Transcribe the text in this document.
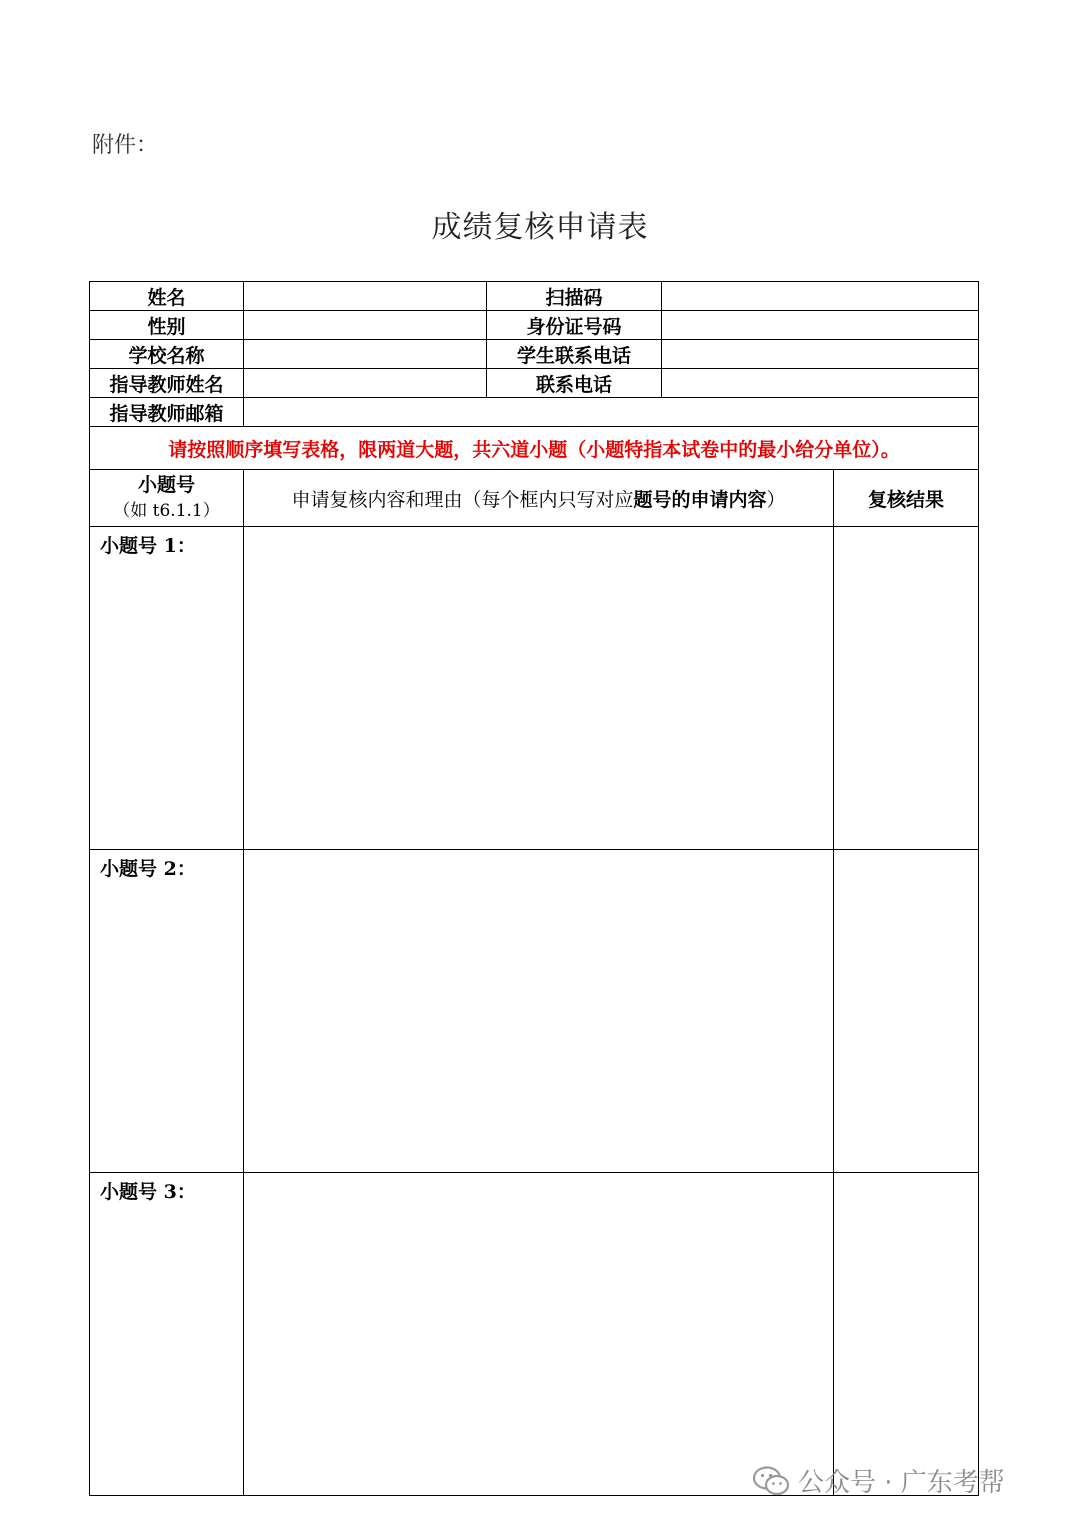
附件：
成绩复核申请表
姓名		扫描码		
性别		身份证号码		
学校名称		学生联系电话		
指导教师姓名		联系电话		
指导教师邮箱				
请按照顺序填写表格，限两道大题，共六道小题（小题特指本试卷中的最小给分单位）。				

小题号
（如 t6.1.1）	申请复核内容和理由（每个框内只写对应题号的申请内容）			复核结果
小题号 1：				
小题号 2：				
小题号 3：				
公众号 · 广东考帮
